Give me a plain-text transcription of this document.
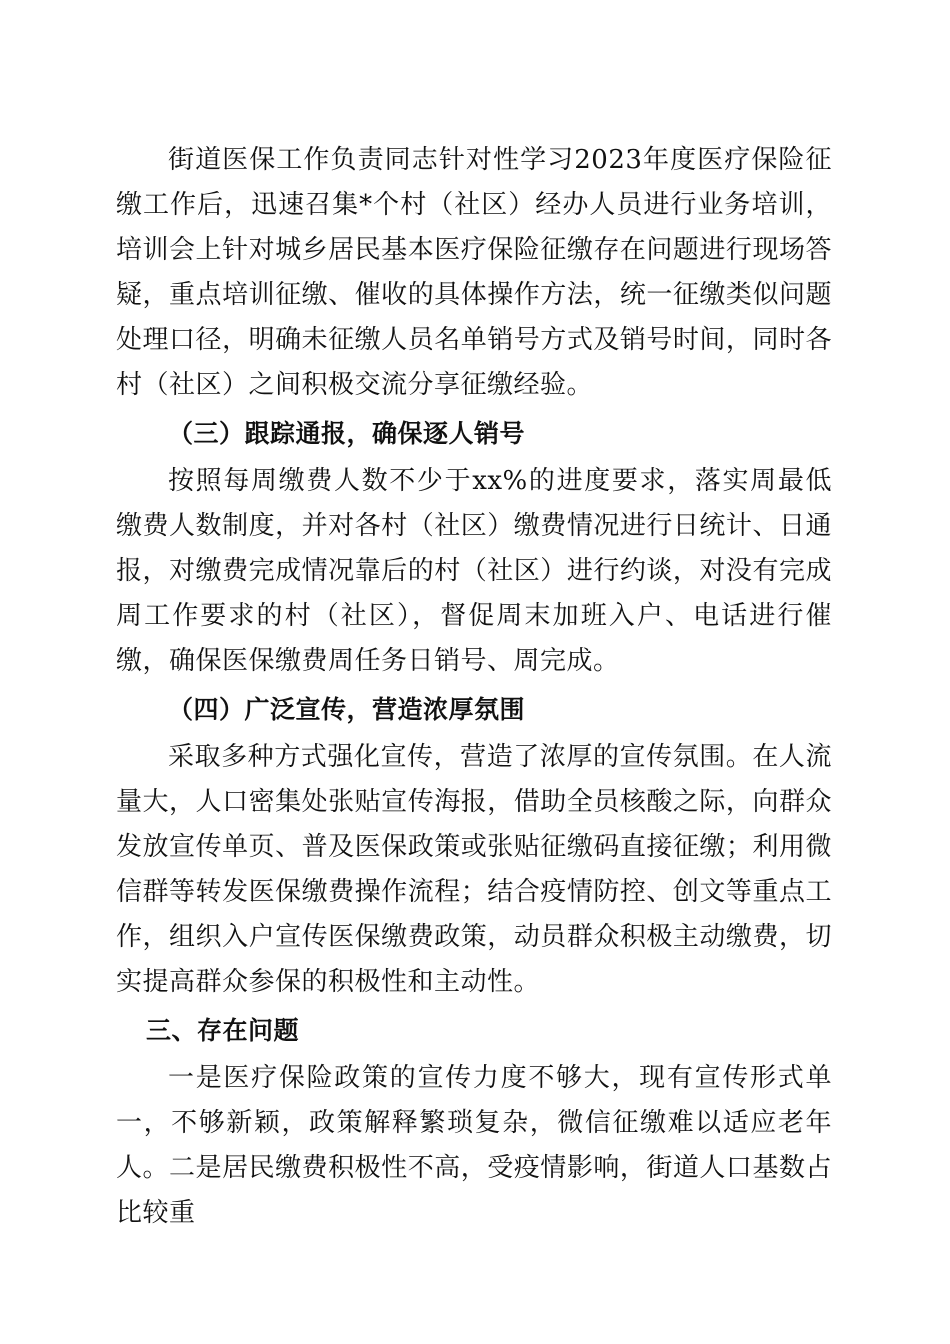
街道医保工作负责同志针对性学习2023年度医疗保险征缴工作后，迅速召集*个村（社区）经办人员进行业务培训，培训会上针对城乡居民基本医疗保险征缴存在问题进行现场答疑，重点培训征缴、催收的具体操作方法，统一征缴类似问题处理口径，明确未征缴人员名单销号方式及销号时间，同时各村（社区）之间积极交流分享征缴经验。

（三）跟踪通报，确保逐人销号

按照每周缴费人数不少于xx%的进度要求，落实周最低缴费人数制度，并对各村（社区）缴费情况进行日统计、日通报，对缴费完成情况靠后的村（社区）进行约谈，对没有完成周工作要求的村（社区），督促周末加班入户、电话进行催缴，确保医保缴费周任务日销号、周完成。

（四）广泛宣传，营造浓厚氛围

采取多种方式强化宣传，营造了浓厚的宣传氛围。在人流量大，人口密集处张贴宣传海报，借助全员核酸之际，向群众发放宣传单页、普及医保政策或张贴征缴码直接征缴；利用微信群等转发医保缴费操作流程；结合疫情防控、创文等重点工作，组织入户宣传医保缴费政策，动员群众积极主动缴费，切实提高群众参保的积极性和主动性。

三、存在问题

一是医疗保险政策的宣传力度不够大，现有宣传形式单一，不够新颖，政策解释繁琐复杂，微信征缴难以适应老年人。二是居民缴费积极性不高，受疫情影响，街道人口基数占比较重
